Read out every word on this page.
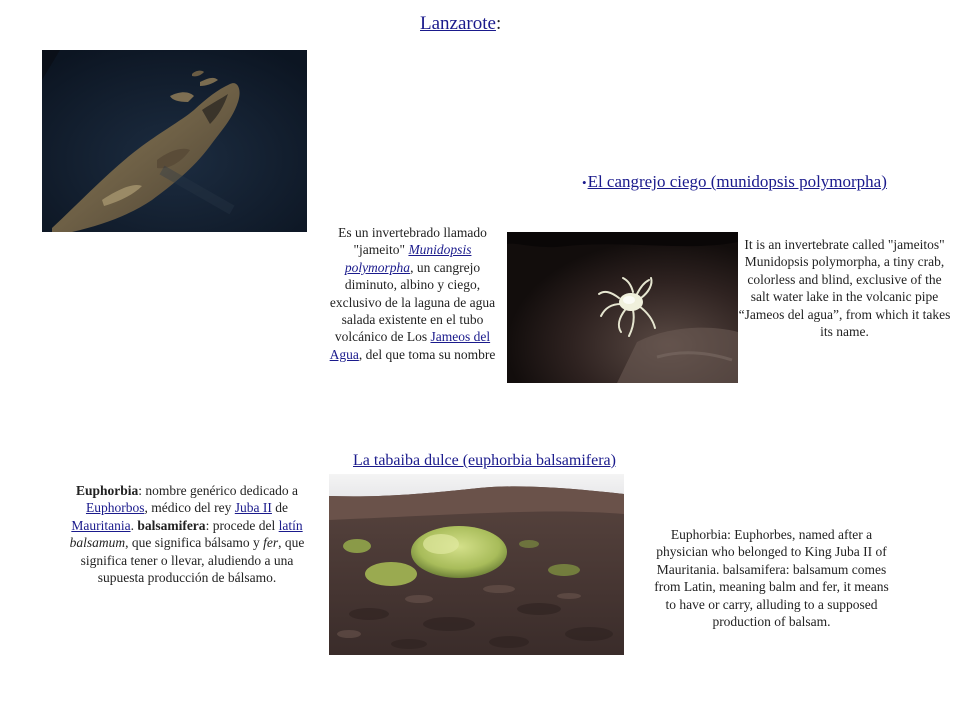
Lanzarote:
•El cangrejo ciego (munidopsis polymorpha)
Es un invertebrado llamado "jameito" Munidopsis polymorpha, un cangrejo diminuto, albino y ciego, exclusivo de la laguna de agua salada existente en el tubo volcánico de Los Jameos del Agua, del que toma su nombre
It is an invertebrate called "jameitos" Munidopsis polymorpha, a tiny crab, colorless and blind, exclusive of the salt water lake in the volcanic pipe “Jameos del agua”, from which it takes its name.
La tabaiba dulce (euphorbia balsamifera)
Euphorbia: nombre genérico dedicado a Euphorbos, médico del rey Juba II de Mauritania. balsamifera: procede del latín balsamum, que significa bálsamo y fer, que significa tener o llevar, aludiendo a una supuesta producción de bálsamo.
Euphorbia: Euphorbes, named after a physician who belonged to King Juba II of Mauritania. balsamifera: balsamum comes from Latin, meaning balm and fer, it means to have or carry, alluding to a supposed production of balsam.
